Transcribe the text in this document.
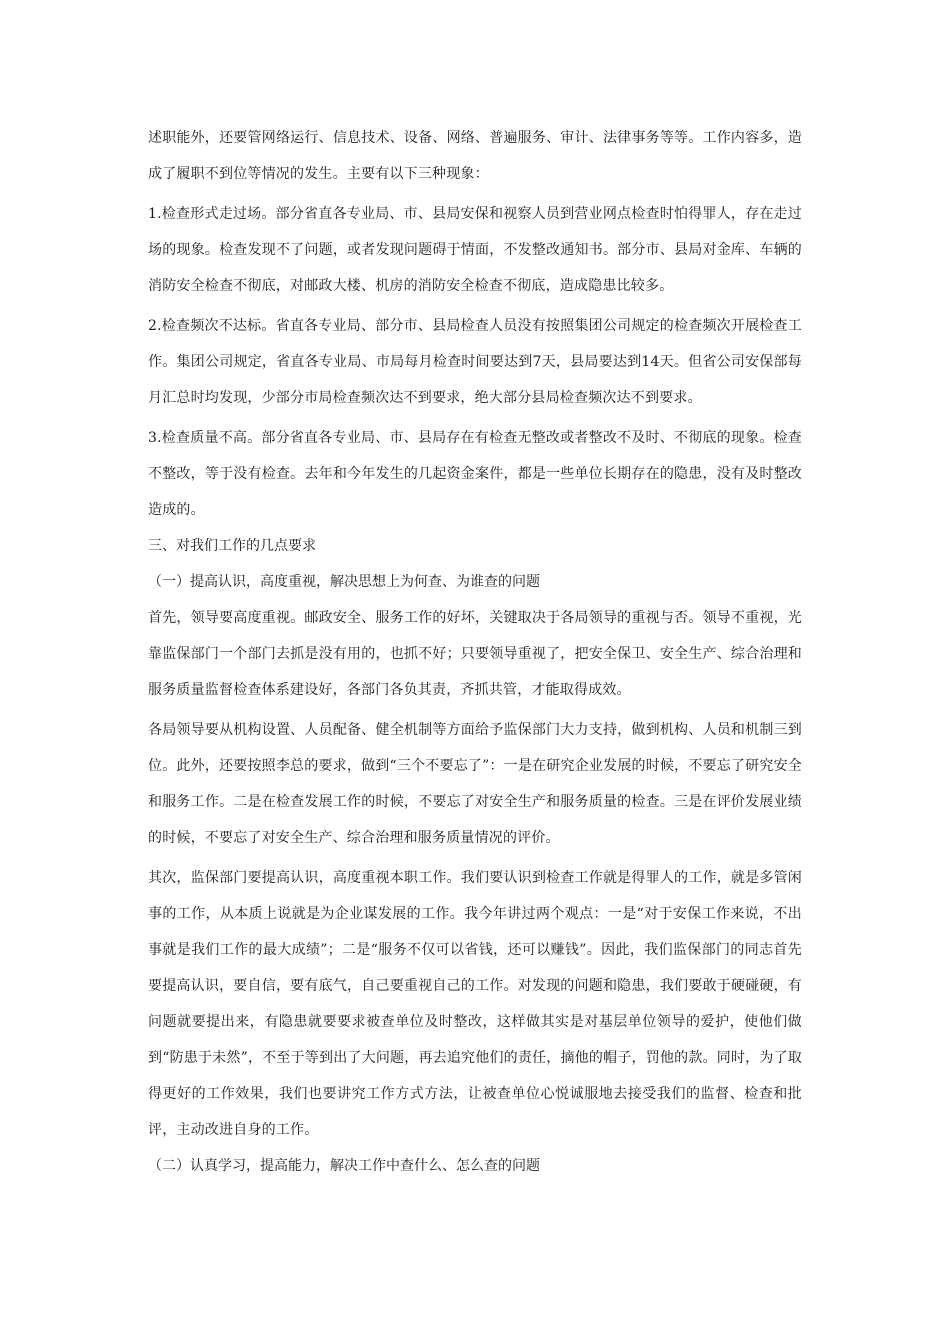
述职能外，还要管网络运行、信息技术、设备、网络、普遍服务、审计、法律事务等等。工作内容多，造成了履职不到位等情况的发生。主要有以下三种现象：

1.检查形式走过场。部分省直各专业局、市、县局安保和视察人员到营业网点检查时怕得罪人，存在走过场的现象。检查发现不了问题，或者发现问题碍于情面，不发整改通知书。部分市、县局对金库、车辆的消防安全检查不彻底，对邮政大楼、机房的消防安全检查不彻底，造成隐患比较多。

2.检查频次不达标。省直各专业局、部分市、县局检查人员没有按照集团公司规定的检查频次开展检查工作。集团公司规定，省直各专业局、市局每月检查时间要达到7天，县局要达到14天。但省公司安保部每月汇总时均发现，少部分市局检查频次达不到要求，绝大部分县局检查频次达不到要求。

3.检查质量不高。部分省直各专业局、市、县局存在有检查无整改或者整改不及时、不彻底的现象。检查不整改，等于没有检查。去年和今年发生的几起资金案件，都是一些单位长期存在的隐患，没有及时整改造成的。

三、对我们工作的几点要求

（一）提高认识，高度重视，解决思想上为何查、为谁查的问题

首先，领导要高度重视。邮政安全、服务工作的好坏，关键取决于各局领导的重视与否。领导不重视，光靠监保部门一个部门去抓是没有用的，也抓不好；只要领导重视了，把安全保卫、安全生产、综合治理和服务质量监督检查体系建设好，各部门各负其责，齐抓共管，才能取得成效。

各局领导要从机构设置、人员配备、健全机制等方面给予监保部门大力支持，做到机构、人员和机制三到位。此外，还要按照李总的要求，做到“三个不要忘了”：一是在研究企业发展的时候，不要忘了研究安全和服务工作。二是在检查发展工作的时候，不要忘了对安全生产和服务质量的检查。三是在评价发展业绩的时候，不要忘了对安全生产、综合治理和服务质量情况的评价。

其次，监保部门要提高认识，高度重视本职工作。我们要认识到检查工作就是得罪人的工作，就是多管闲事的工作，从本质上说就是为企业谋发展的工作。我今年讲过两个观点：一是“对于安保工作来说，不出事就是我们工作的最大成绩”；二是“服务不仅可以省钱，还可以赚钱”。因此，我们监保部门的同志首先要提高认识，要自信，要有底气，自己要重视自己的工作。对发现的问题和隐患，我们要敢于硬碰硬，有问题就要提出来，有隐患就要要求被查单位及时整改，这样做其实是对基层单位领导的爱护，使他们做到“防患于未然”，不至于等到出了大问题，再去追究他们的责任，摘他的帽子，罚他的款。同时，为了取得更好的工作效果，我们也要讲究工作方式方法，让被查单位心悦诚服地去接受我们的监督、检查和批评，主动改进自身的工作。

（二）认真学习，提高能力，解决工作中查什么、怎么查的问题
